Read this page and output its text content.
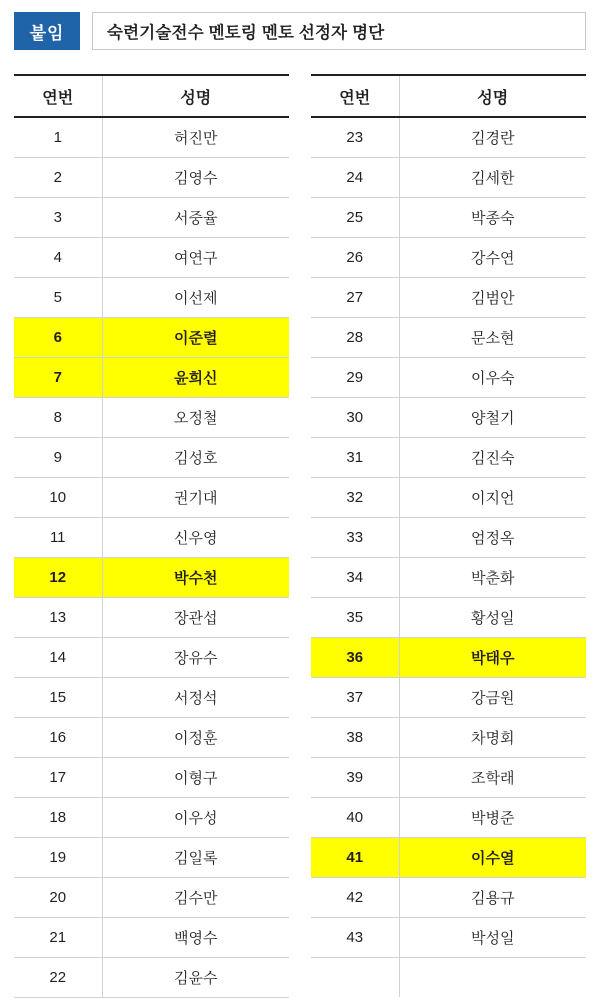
붙임	숙련기술전수 멘토링 멘토 선정자 명단
연번	성명
1	허진만
2	김영수
3	서중율
4	여연구
5	이선제
6	이준렬
7	윤희신
8	오정철
9	김성호
10	권기대
11	신우영
12	박수천
13	장관섭
14	장유수
15	서정석
16	이정훈
17	이형구
18	이우성
19	김일록
20	김수만
21	백영수
22	김윤수
연번	성명
23	김경란
24	김세한
25	박종숙
26	강수연
27	김범안
28	문소현
29	이우숙
30	양철기
31	김진숙
32	이지언
33	엄정옥
34	박춘화
35	황성일
36	박태우
37	강금원
38	차명회
39	조학래
40	박병준
41	이수열
42	김용규
43	박성일
